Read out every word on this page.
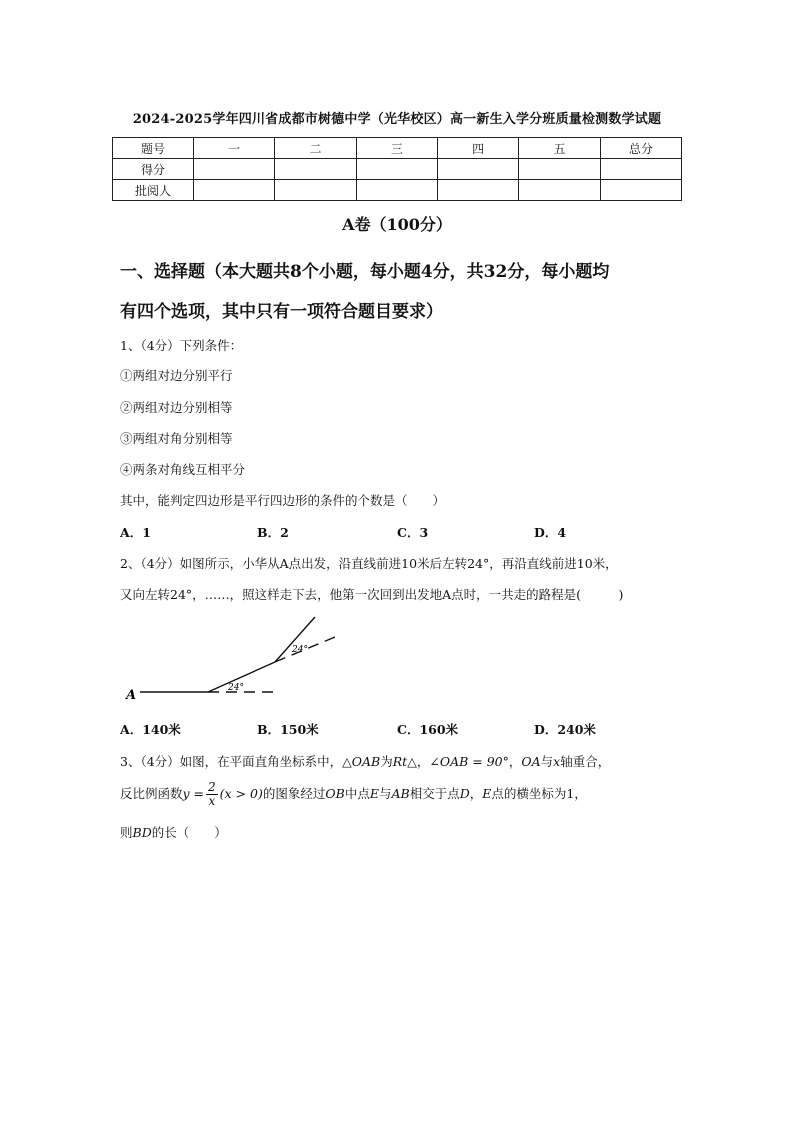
2024-2025学年四川省成都市树德中学（光华校区）高一新生入学分班质量检测数学试题
题号	一	二	三	四	五	总分
得分						
批阅人						
A卷（100分）
一、选择题（本大题共8个小题，每小题4分，共32分，每小题均
有四个选项，其中只有一项符合题目要求）
1、（4分）下列条件：
①两组对边分别平行
②两组对边分别相等
③两组对角分别相等
④两条对角线互相平分
其中，能判定四边形是平行四边形的条件的个数是（　　）
A．1	B．2	C．3	D．4
2、（4分）如图所示，小华从A点出发，沿直线前进10米后左转24°，再沿直线前进10米，
又向左转24°，……，照这样走下去，他第一次回到出发地A点时，一共走的路程是(　　　)
A	24°
24°
A．140米	B．150米	C．160米	D．240米
3、（4分）如图，在平面直角坐标系中，△OAB为Rt△，∠OAB = 90°，OA与x轴重合，
反比例函数$y = \frac{2}{x} (x > 0)$的图象经过OB中点E与AB相交于点D，E点的横坐标为1，
则BD的长（　　）
